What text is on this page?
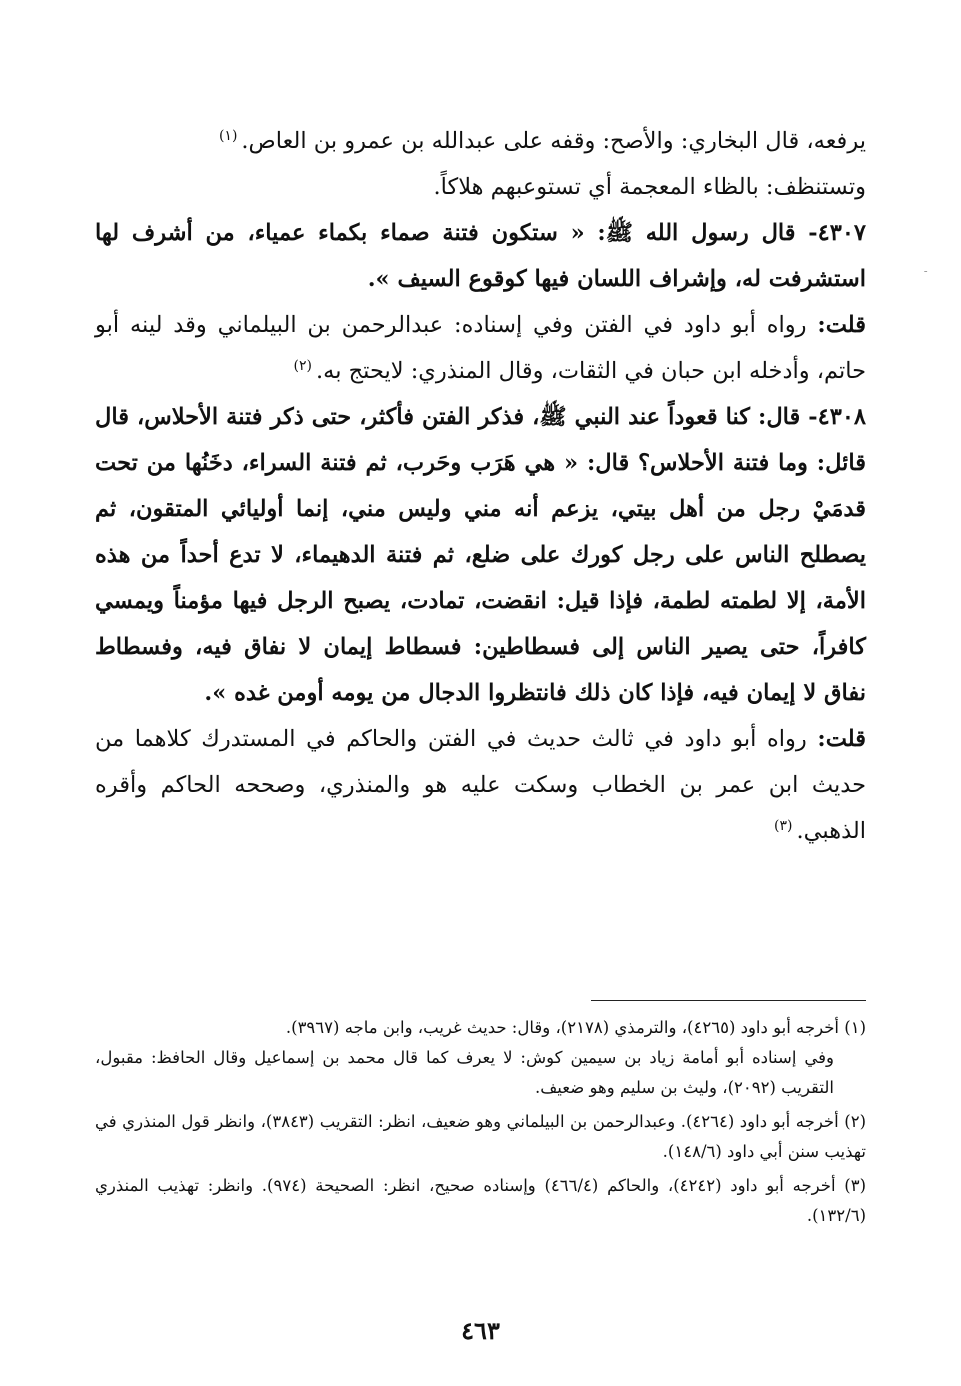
يرفعه، قال البخاري: والأصح: وقفه على عبدالله بن عمرو بن العاص.$^{(١)}$

وتستنظف: بالظاء المعجمة أي تستوعبهم هلاكاً.

٤٣٠٧- قال رسول الله ﷺ: « ستكون فتنة صماء بكماء عمياء، من أشرف لها استشرفت له، وإشراف اللسان فيها كوقوع السيف ».

قلت: رواه أبو داود في الفتن وفي إسناده: عبدالرحمن بن البيلماني وقد لينه أبو حاتم، وأدخله ابن حبان في الثقات، وقال المنذري: لايحتج به.$^{(٢)}$

٤٣٠٨- قال: كنا قعوداً عند النبي ﷺ، فذكر الفتن فأكثر، حتى ذكر فتنة الأحلاس، قال قائل: وما فتنة الأحلاس؟ قال: « هي هَرَب وحَرب، ثم فتنة السراء، دخَنُها من تحت قدمَيْ رجل من أهل بيتي، يزعم أنه مني وليس مني، إنما أوليائي المتقون، ثم يصطلح الناس على رجل كورك على ضلع، ثم فتنة الدهيماء، لا تدع أحداً من هذه الأمة، إلا لطمته لطمة، فإذا قيل: انقضت، تمادت، يصبح الرجل فيها مؤمناً ويمسي كافراً، حتى يصير الناس إلى فسطاطين: فسطاط إيمان لا نفاق فيه، وفسطاط نفاق لا إيمان فيه، فإذا كان ذلك فانتظروا الدجال من يومه أومن غده ».

قلت: رواه أبو داود في ثالث حديث في الفتن والحاكم في المستدرك كلاهما من حديث ابن عمر بن الخطاب وسكت عليه هو والمنذري، وصححه الحاكم وأقره الذهبي.$^{(٣)}$

ـ
(١) أخرجه أبو داود (٤٢٦٥)، والترمذي (٢١٧٨)، وقال: حديث غريب، وابن ماجه (٣٩٦٧).
وفي إسناده أبو أمامة زياد بن سيمين كوش: لا يعرف كما قال محمد بن إسماعيل وقال الحافظ: مقبول، التقريب (٢٠٩٢)، وليث بن سليم وهو ضعيف.
(٢) أخرجه أبو داود (٤٢٦٤). وعبدالرحمن بن البيلماني وهو ضعيف، انظر: التقريب (٣٨٤٣)، وانظر قول المنذري في تهذيب سنن أبي داود (١٤٨/٦).
(٣) أخرجه أبو داود (٤٢٤٢)، والحاكم (٤٦٦/٤) وإسناده صحيح، انظر: الصحيحة (٩٧٤). وانظر: تهذيب المنذري (١٣٢/٦).
٤٦٣
